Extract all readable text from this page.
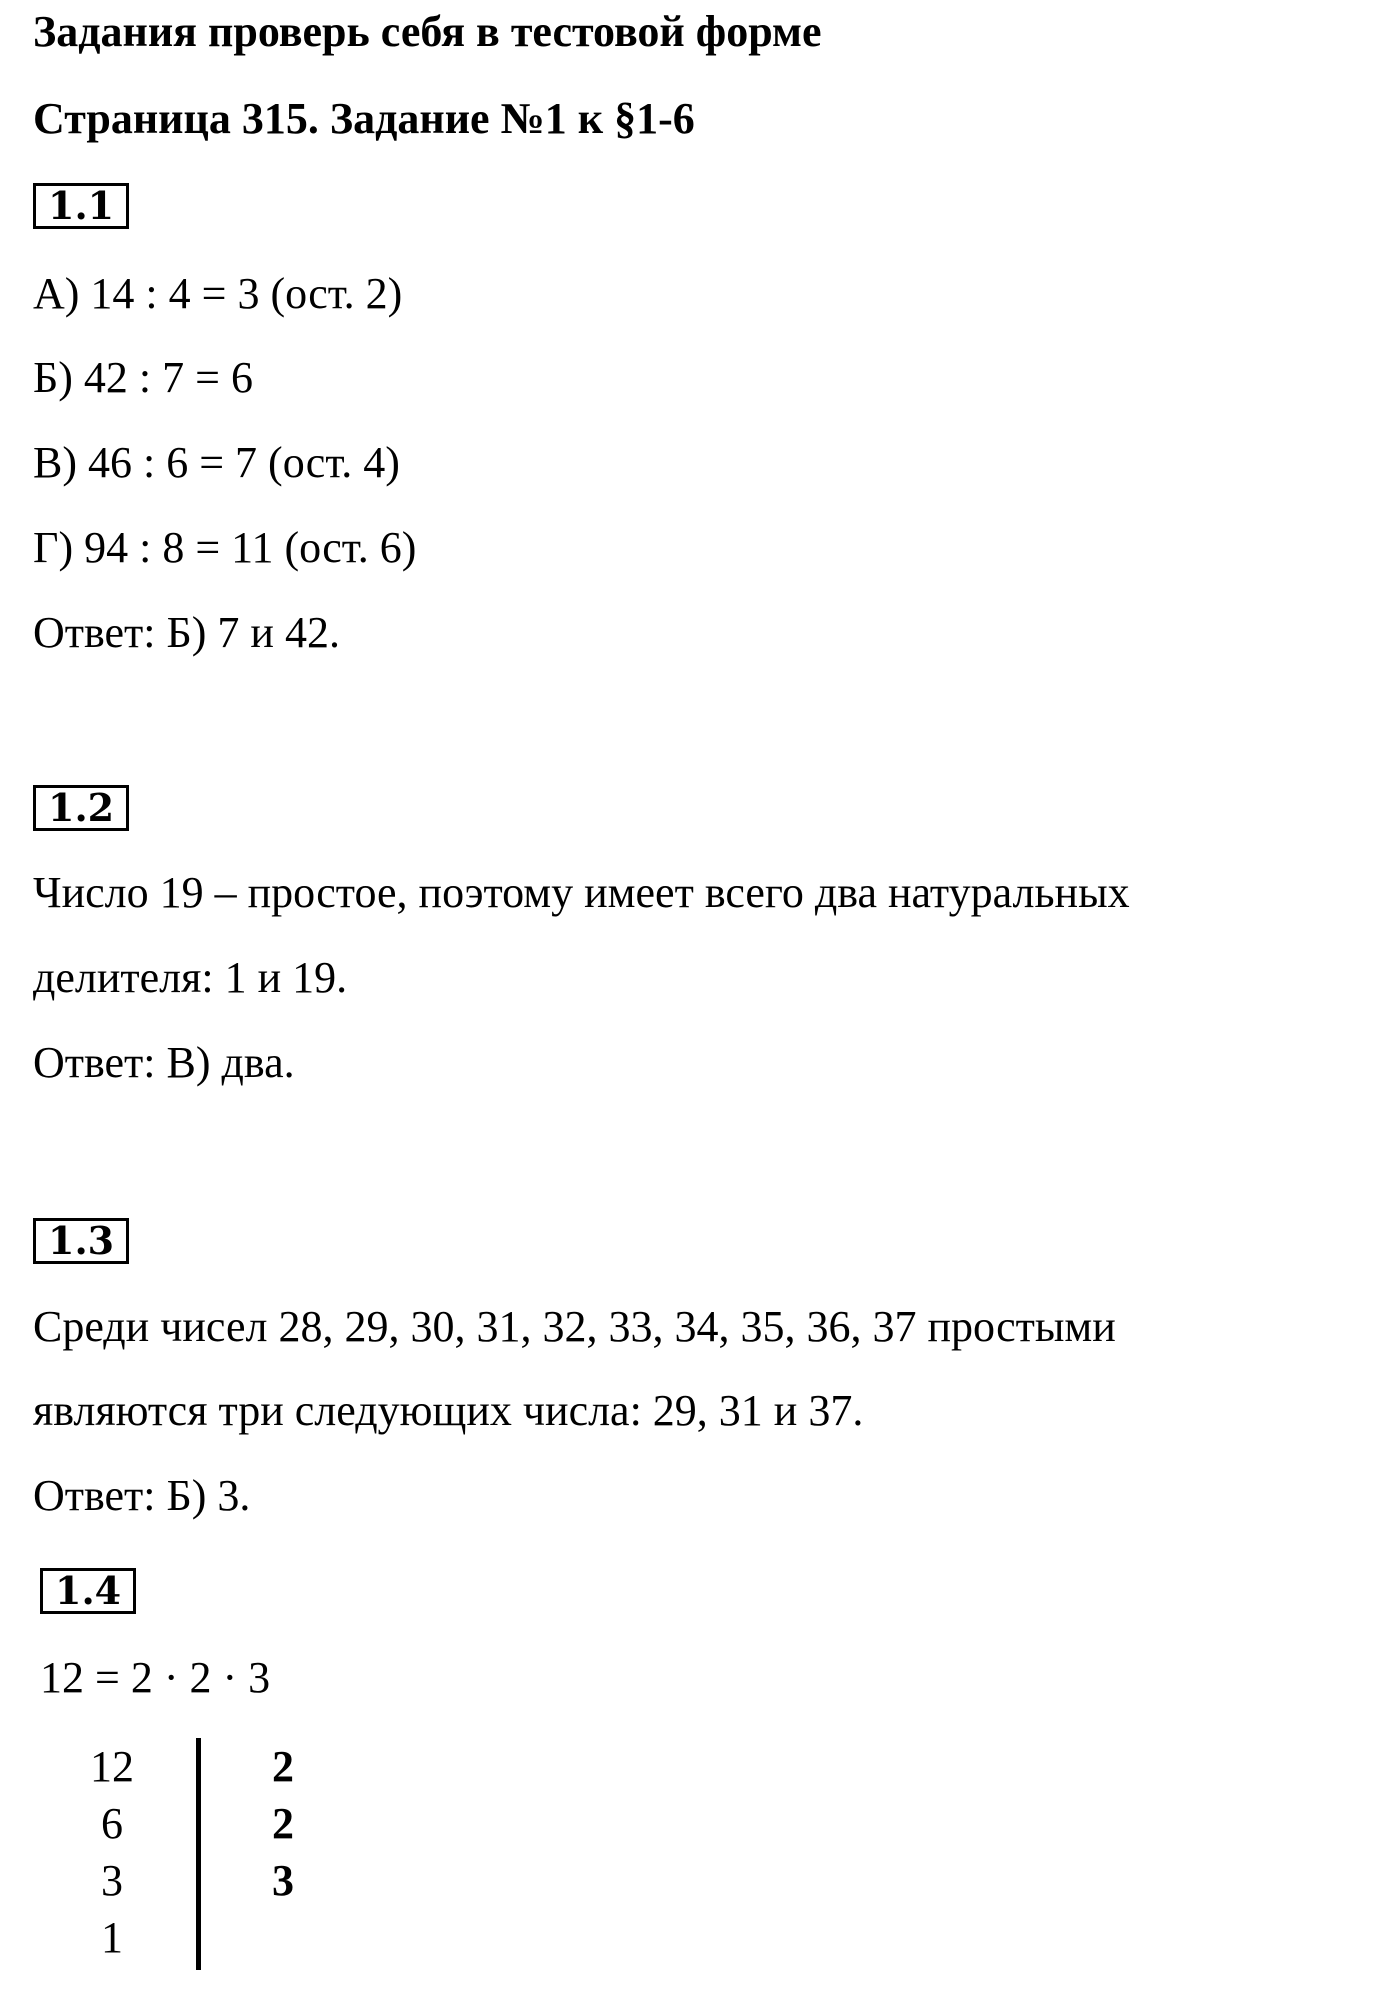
Задания проверь себя в тестовой форме
Страница 315. Задание №1 к §1-6
1.1
А) 14 : 4 = 3 (ост. 2)
Б) 42 : 7 = 6
В) 46 : 6 = 7 (ост. 4)
Г) 94 : 8 = 11 (ост. 6)
Ответ: Б) 7 и 42.
1.2
Число 19 – простое, поэтому имеет всего два натуральных
делителя: 1 и 19.
Ответ: В) два.
1.3
Среди чисел 28, 29, 30, 31, 32, 33, 34, 35, 36, 37 простыми
являются три следующих числа: 29, 31 и 37.
Ответ: Б) 3.
1.4
12 = 2 · 2 · 3
12
6
3
1
2
2
3
